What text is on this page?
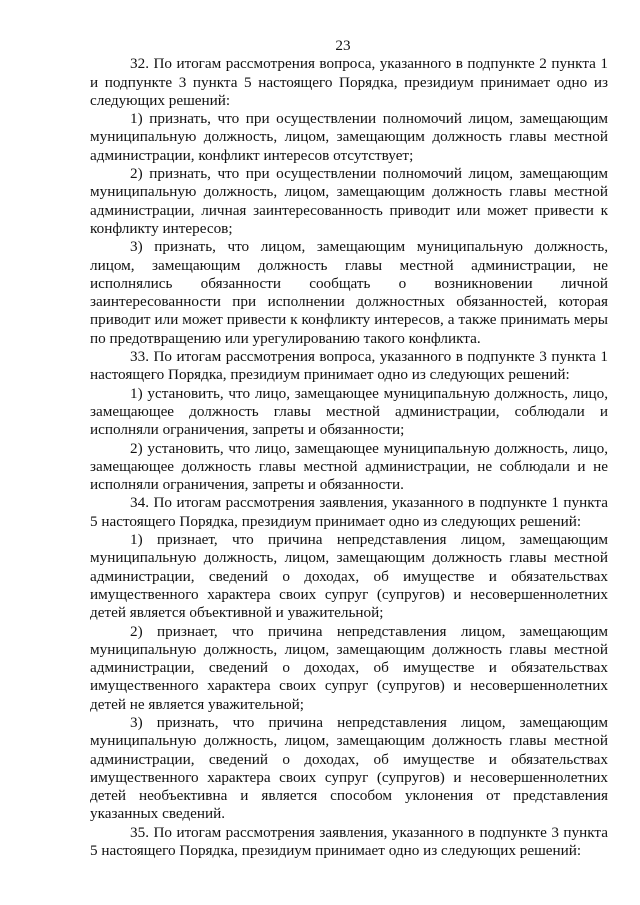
23

32. По итогам рассмотрения вопроса, указанного в подпункте 2 пункта 1 и подпункте 3 пункта 5 настоящего Порядка, президиум принимает одно из следующих решений:

1) признать, что при осуществлении полномочий лицом, замещающим муниципальную должность, лицом, замещающим должность главы местной администрации, конфликт интересов отсутствует;

2) признать, что при осуществлении полномочий лицом, замещающим муниципальную должность, лицом, замещающим должность главы местной администрации, личная заинтересованность приводит или может привести к конфликту интересов;

3) признать, что лицом, замещающим муниципальную должность, лицом, замещающим должность главы местной администрации, не исполнялись обязанности сообщать о возникновении личной заинтересованности при исполнении должностных обязанностей, которая приводит или может привести к конфликту интересов, а также принимать меры по предотвращению или урегулированию такого конфликта.

33. По итогам рассмотрения вопроса, указанного в подпункте 3 пункта 1 настоящего Порядка, президиум принимает одно из следующих решений:

1) установить, что лицо, замещающее муниципальную должность, лицо, замещающее должность главы местной администрации, соблюдали и исполняли ограничения, запреты и обязанности;

2) установить, что лицо, замещающее муниципальную должность, лицо, замещающее должность главы местной администрации, не соблюдали и не исполняли ограничения, запреты и обязанности.

34. По итогам рассмотрения заявления, указанного в подпункте 1 пункта 5 настоящего Порядка, президиум принимает одно из следующих решений:

1) признает, что причина непредставления лицом, замещающим муниципальную должность, лицом, замещающим должность главы местной администрации, сведений о доходах, об имуществе и обязательствах имущественного характера своих супруг (супругов) и несовершеннолетних детей является объективной и уважительной;

2) признает, что причина непредставления лицом, замещающим муниципальную должность, лицом, замещающим должность главы местной администрации, сведений о доходах, об имуществе и обязательствах имущественного характера своих супруг (супругов) и несовершеннолетних детей не является уважительной;

3) признать, что причина непредставления лицом, замещающим муниципальную должность, лицом, замещающим должность главы местной администрации, сведений о доходах, об имуществе и обязательствах имущественного характера своих супруг (супругов) и несовершеннолетних детей необъективна и является способом уклонения от представления указанных сведений.

35. По итогам рассмотрения заявления, указанного в подпункте 3 пункта 5 настоящего Порядка, президиум принимает одно из следующих решений:
